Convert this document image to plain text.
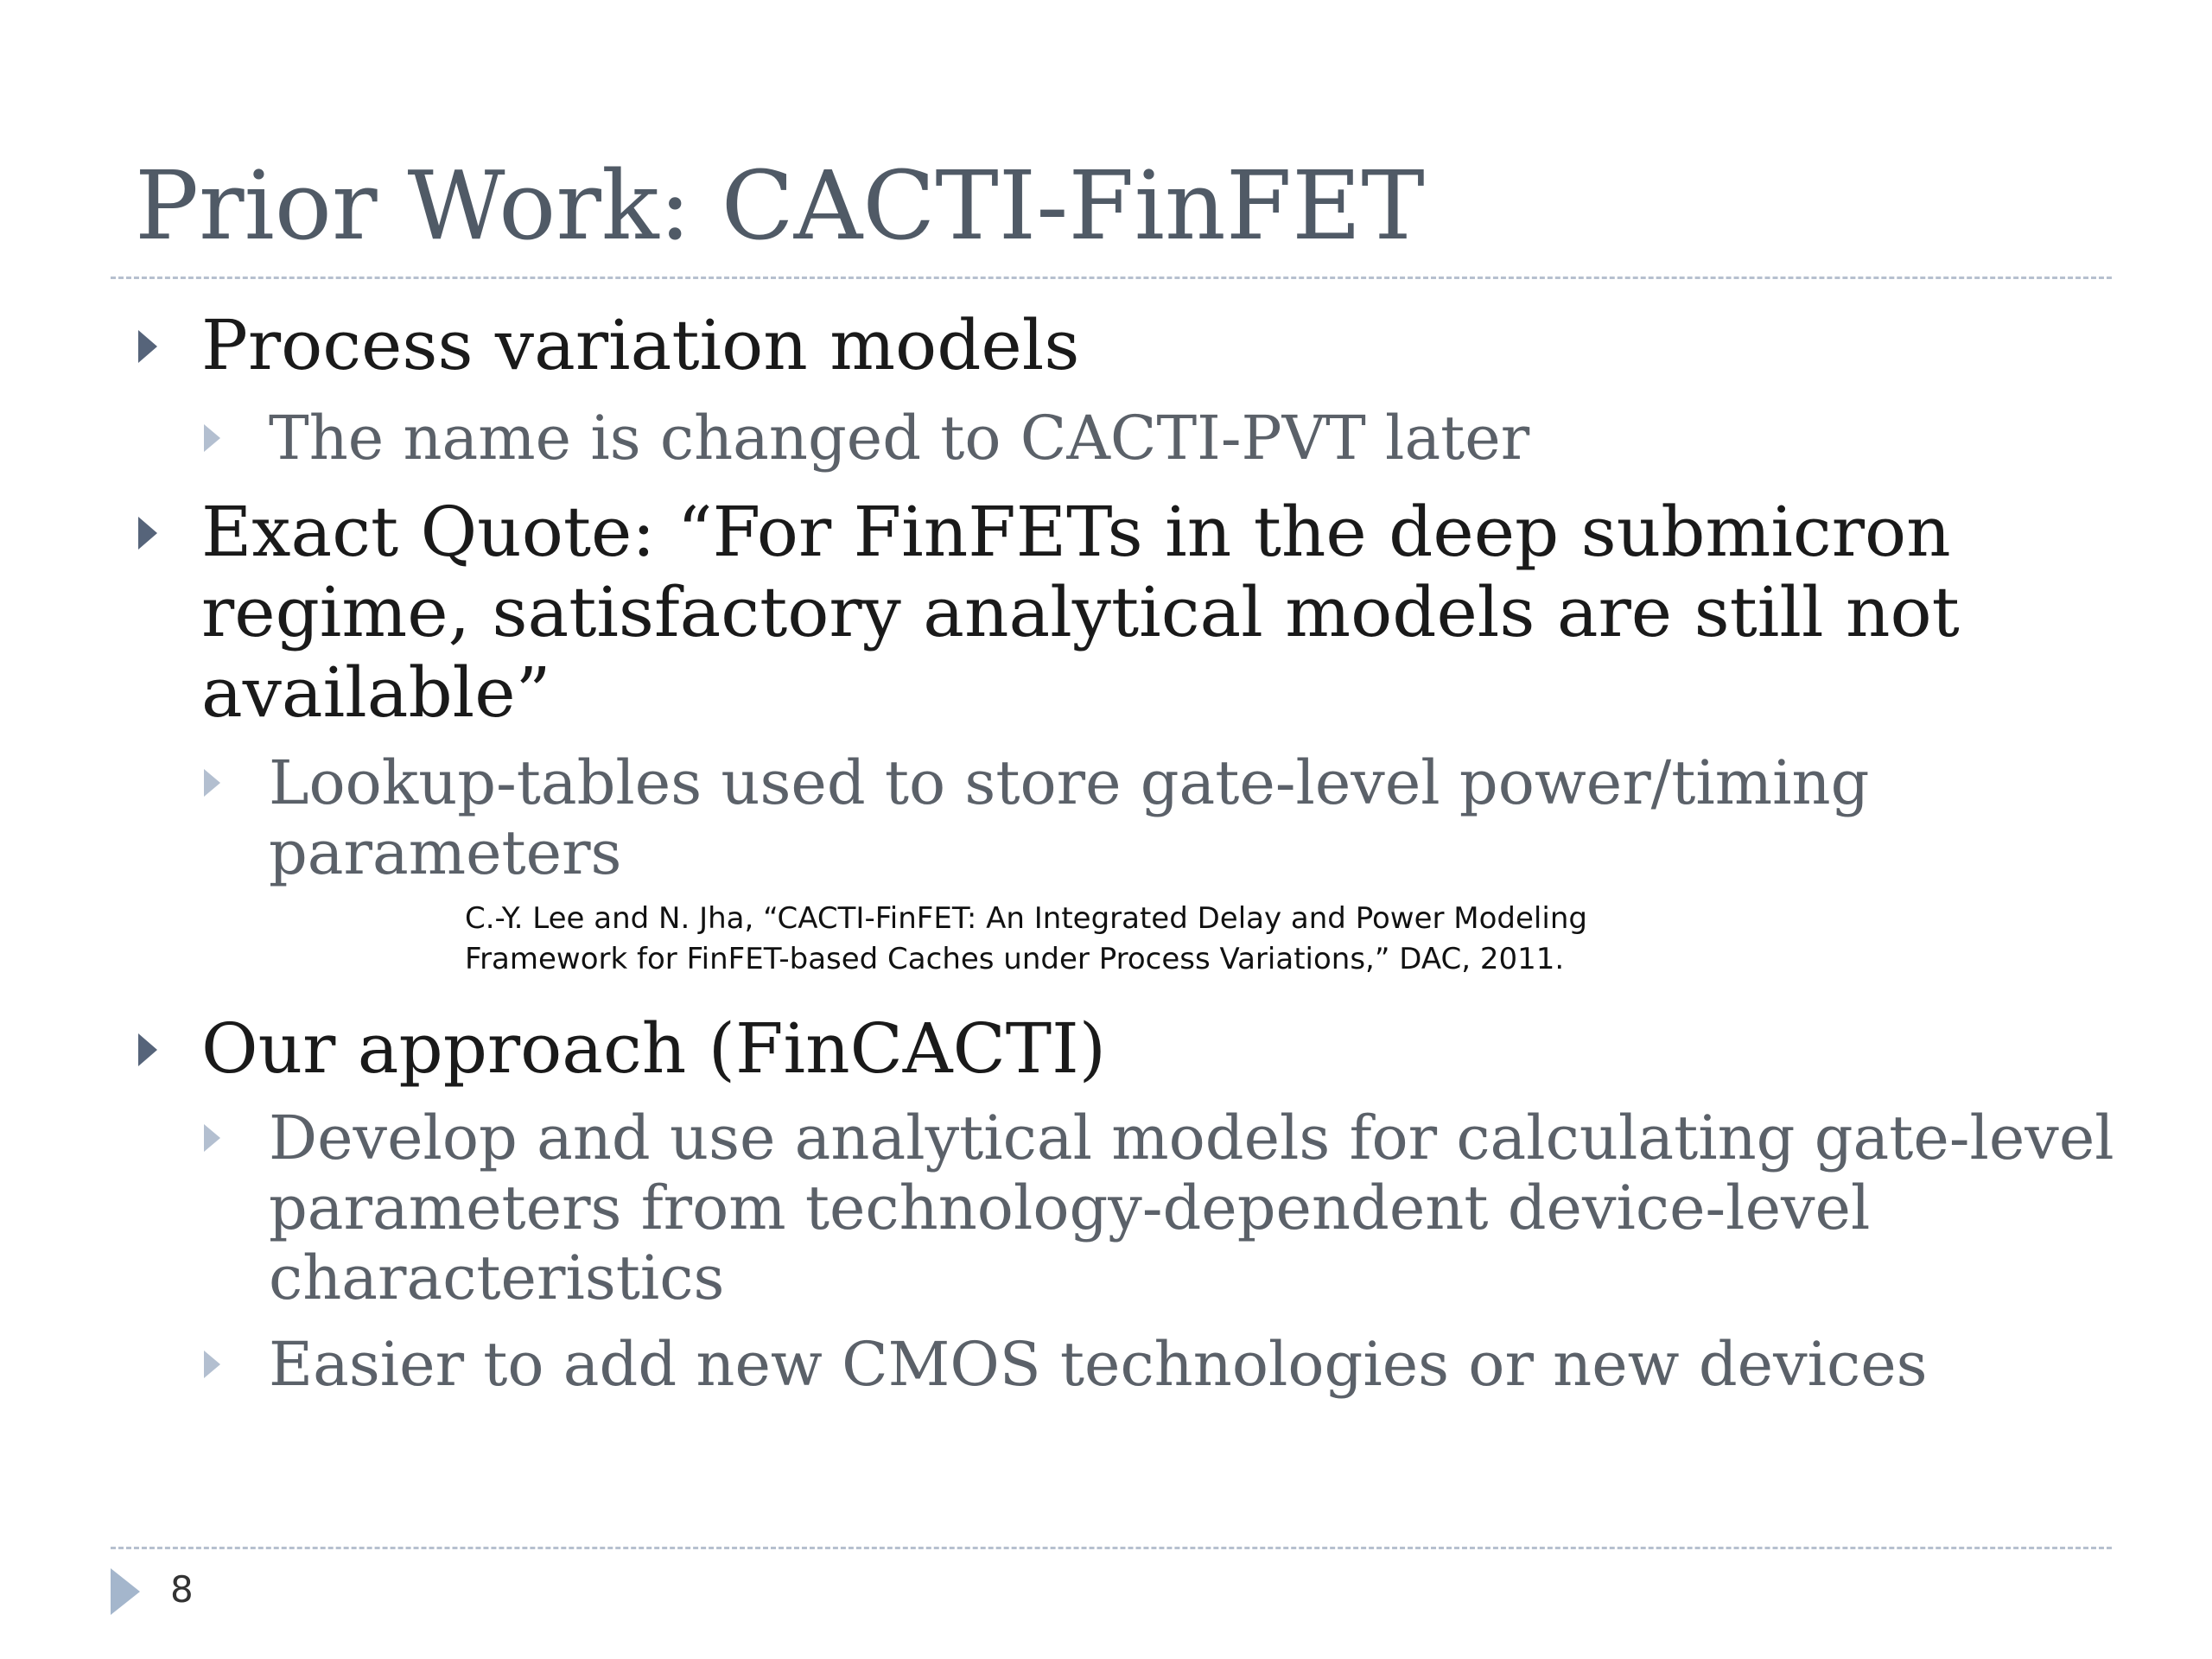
Prior Work: CACTI-FinFET
Process variation models
The name is changed to CACTI-PVT later
Exact Quote: “For FinFETs in the deep submicron regime, satisfactory analytical models are still not available”
Lookup-tables used to store gate-level power/timing parameters
C.-Y. Lee and N. Jha, “CACTI-FinFET: An Integrated Delay and Power Modeling
Framework for FinFET-based Caches under Process Variations,” DAC, 2011.
Our approach (FinCACTI)
Develop and use analytical models for calculating gate-level parameters from technology-dependent device-level characteristics
Easier to add new CMOS technologies or new devices
8
